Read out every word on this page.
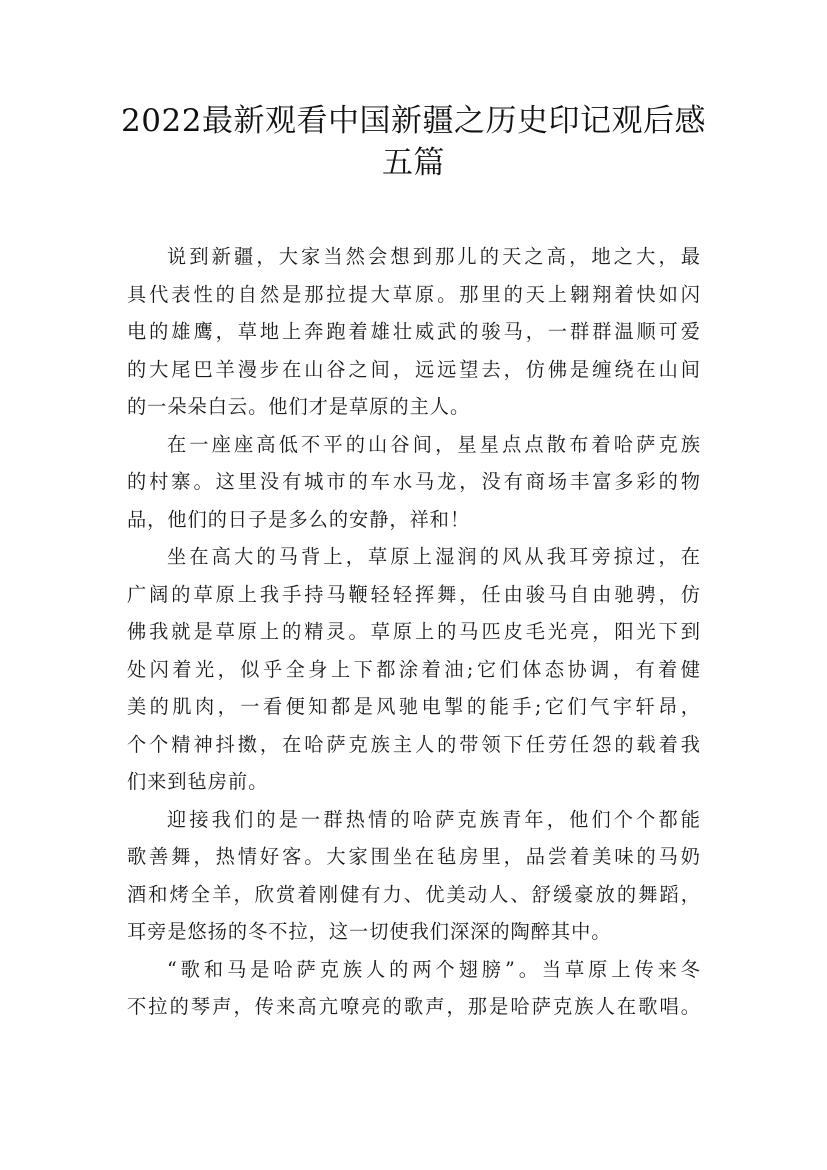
2022最新观看中国新疆之历史印记观后感
五篇
说到新疆，大家当然会想到那儿的天之高，地之大，最
具代表性的自然是那拉提大草原。那里的天上翱翔着快如闪
电的雄鹰，草地上奔跑着雄壮威武的骏马，一群群温顺可爱
的大尾巴羊漫步在山谷之间，远远望去，仿佛是缠绕在山间
的一朵朵白云。他们才是草原的主人。
在一座座高低不平的山谷间，星星点点散布着哈萨克族
的村寨。这里没有城市的车水马龙，没有商场丰富多彩的物
品，他们的日子是多么的安静，祥和！
坐在高大的马背上，草原上湿润的风从我耳旁掠过，在
广阔的草原上我手持马鞭轻轻挥舞，任由骏马自由驰骋，仿
佛我就是草原上的精灵。草原上的马匹皮毛光亮，阳光下到
处闪着光，似乎全身上下都涂着油;它们体态协调，有着健
美的肌肉，一看便知都是风驰电掣的能手;它们气宇轩昂，
个个精神抖擞，在哈萨克族主人的带领下任劳任怨的载着我
们来到毡房前。
迎接我们的是一群热情的哈萨克族青年，他们个个都能
歌善舞，热情好客。大家围坐在毡房里，品尝着美味的马奶
酒和烤全羊，欣赏着刚健有力、优美动人、舒缓豪放的舞蹈，
耳旁是悠扬的冬不拉，这一切使我们深深的陶醉其中。
“歌和马是哈萨克族人的两个翅膀”。当草原上传来冬
不拉的琴声，传来高亢嘹亮的歌声，那是哈萨克族人在歌唱。
